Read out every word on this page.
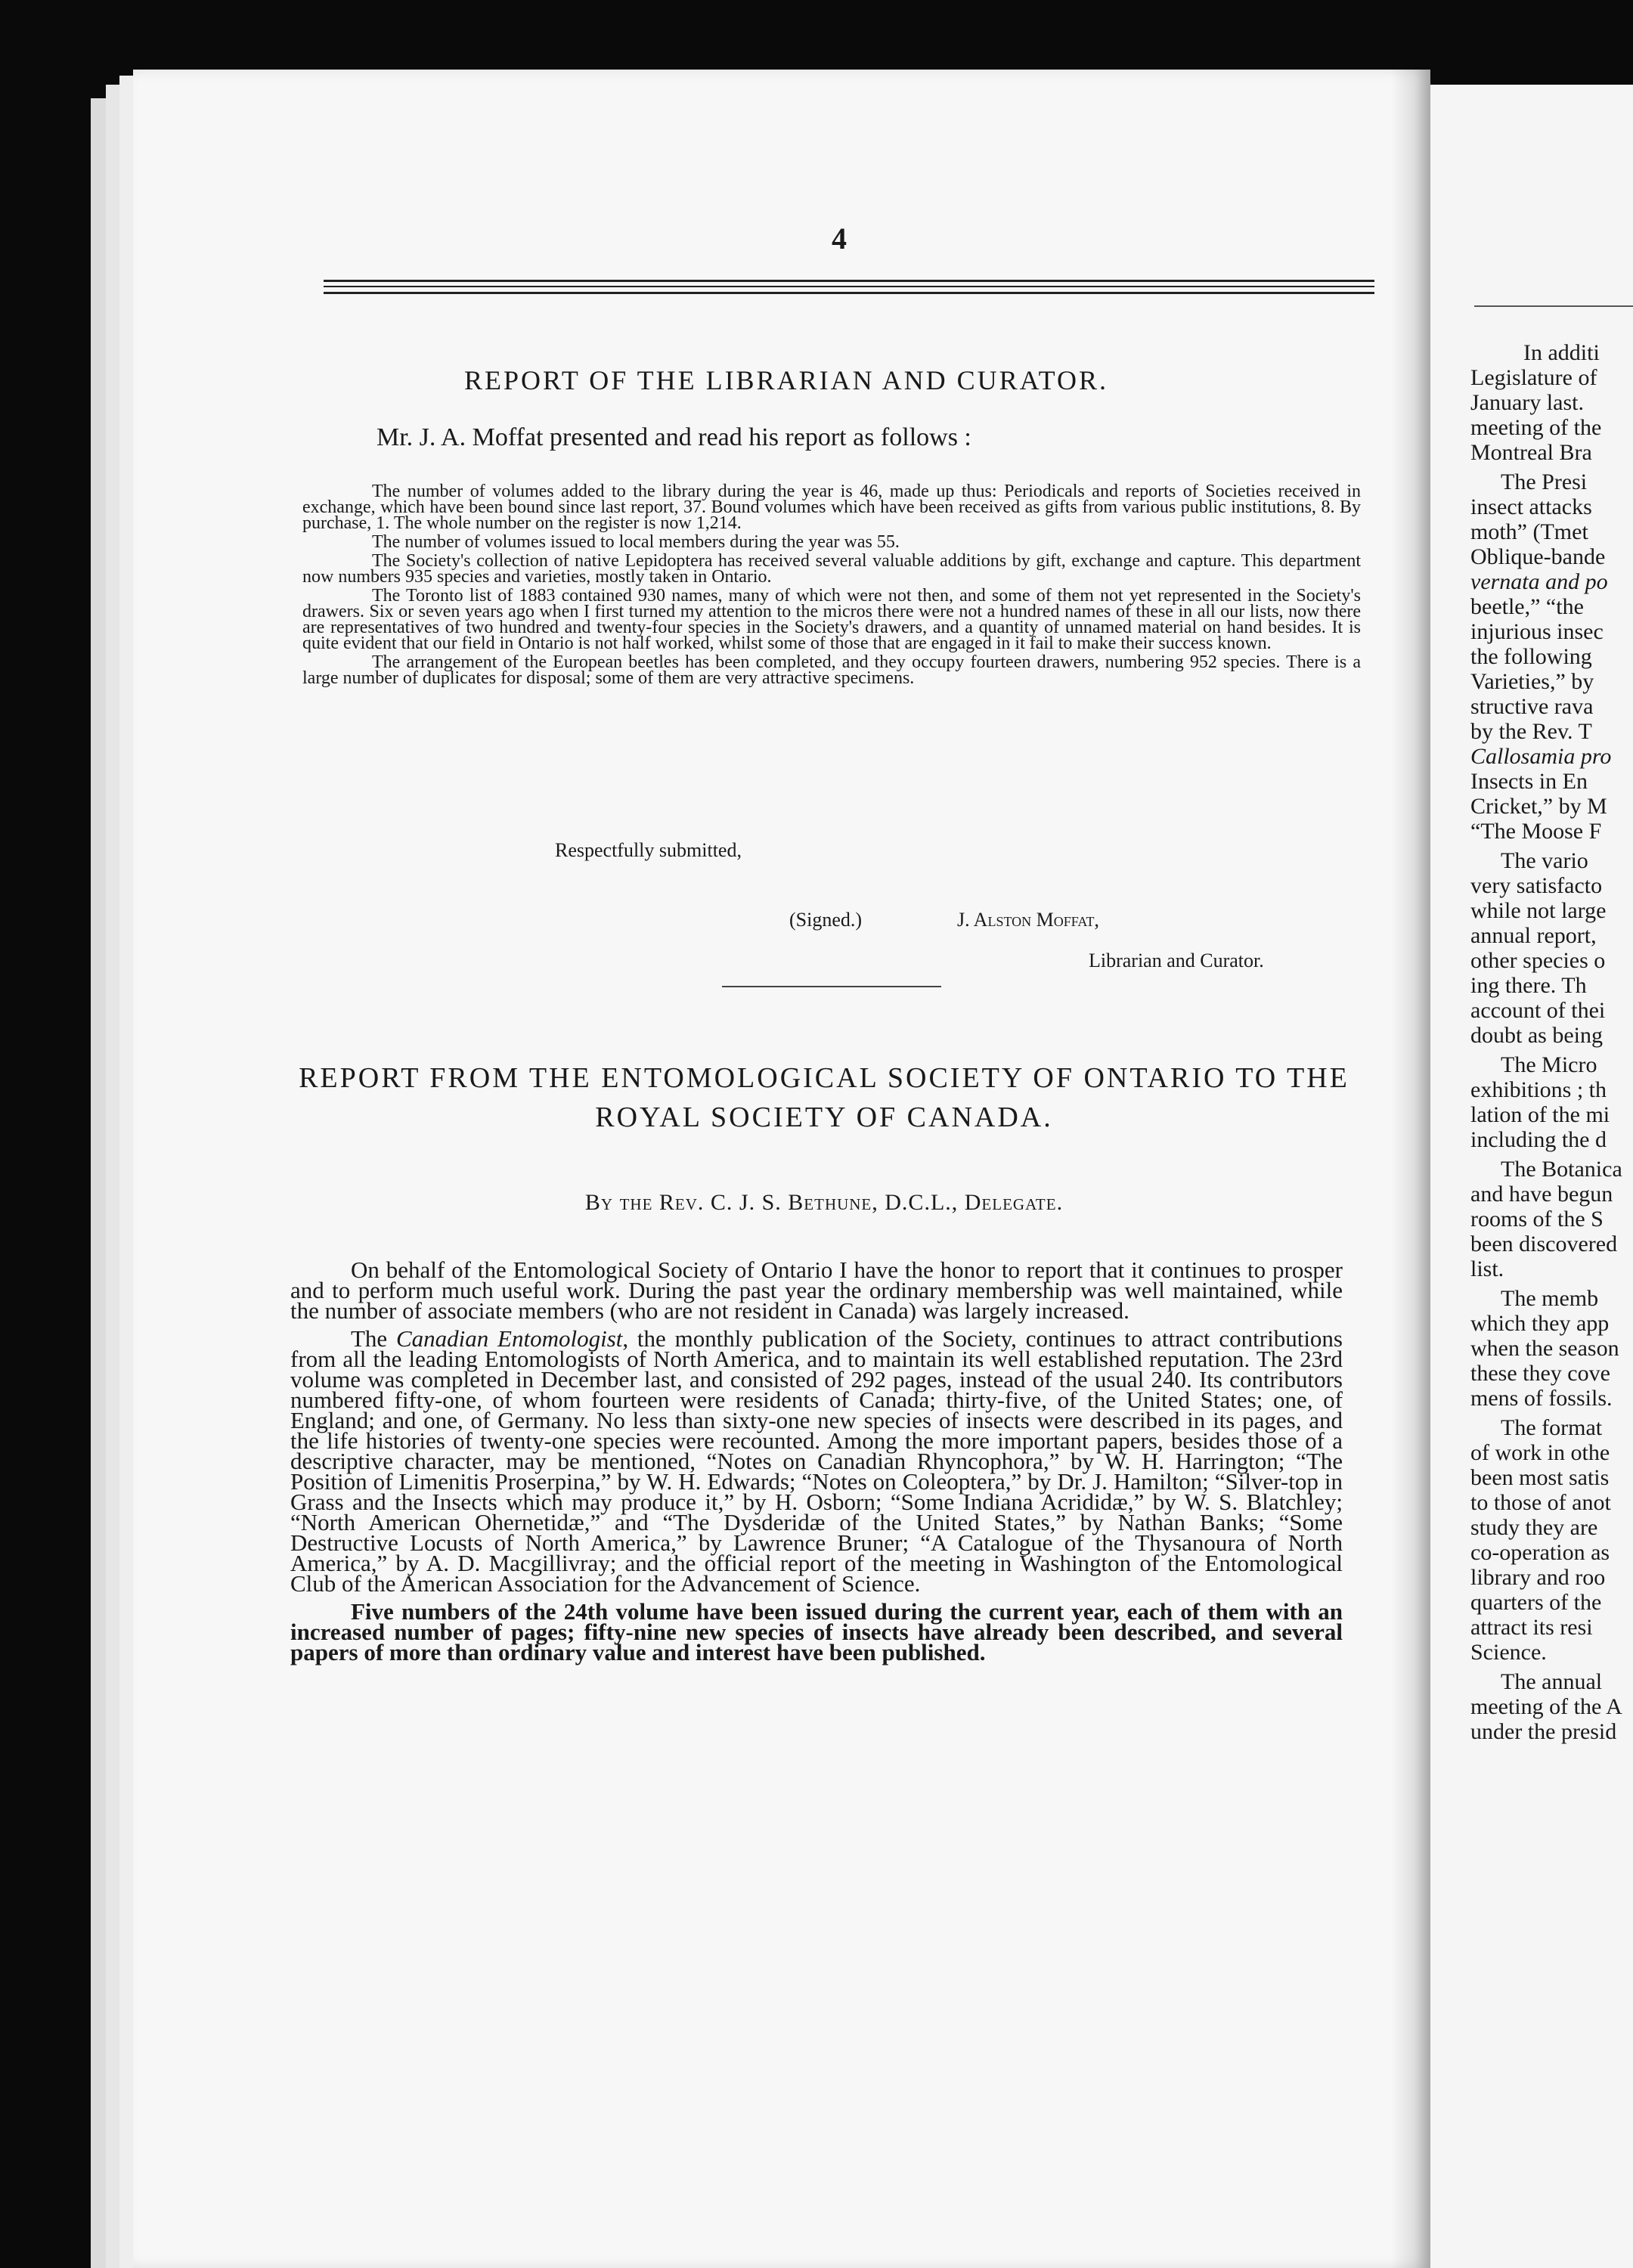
4
REPORT OF THE LIBRARIAN AND CURATOR.
Mr. J. A. Moffat presented and read his report as follows :

The number of volumes added to the library during the year is 46, made up thus: Periodicals and reports of Societies received in exchange, which have been bound since last report, 37. Bound volumes which have been received as gifts from various public institutions, 8. By purchase, 1. The whole number on the register is now 1,214.

The number of volumes issued to local members during the year was 55.

The Society's collection of native Lepidoptera has received several valuable additions by gift, exchange and capture. This department now numbers 935 species and varieties, mostly taken in Ontario.

The Toronto list of 1883 contained 930 names, many of which were not then, and some of them not yet represented in the Society's drawers. Six or seven years ago when I first turned my attention to the micros there were not a hundred names of these in all our lists, now there are representatives of two hundred and twenty-four species in the Society's drawers, and a quantity of unnamed material on hand besides. It is quite evident that our field in Ontario is not half worked, whilst some of those that are engaged in it fail to make their success known.

The arrangement of the European beetles has been completed, and they occupy fourteen drawers, numbering 952 species. There is a large number of duplicates for disposal; some of them are very attractive specimens.

Respectfully submitted,
(Signed.)	J. Alston Moffat,
Librarian and Curator.
REPORT FROM THE ENTOMOLOGICAL SOCIETY OF ONTARIO TO THE
ROYAL SOCIETY OF CANADA.
By the Rev. C. J. S. Bethune, D.C.L., Delegate.

On behalf of the Entomological Society of Ontario I have the honor to report that it continues to prosper and to perform much useful work. During the past year the ordinary membership was well maintained, while the number of associate members (who are not resident in Canada) was largely increased.

The Canadian Entomologist, the monthly publication of the Society, continues to attract contributions from all the leading Entomologists of North America, and to maintain its well established reputation. The 23rd volume was completed in December last, and consisted of 292 pages, instead of the usual 240. Its contributors numbered fifty-one, of whom fourteen were residents of Canada; thirty-five, of the United States; one, of England; and one, of Germany. No less than sixty-one new species of insects were described in its pages, and the life histories of twenty-one species were recounted. Among the more important papers, besides those of a descriptive character, may be mentioned, “Notes on Canadian Rhyncophora,” by W. H. Harrington; “The Position of Limenitis Proserpina,” by W. H. Edwards; “Notes on Coleoptera,” by Dr. J. Hamilton; “Silver-top in Grass and the Insects which may produce it,” by H. Osborn; “Some Indiana Acrididæ,” by W. S. Blatchley; “North American Ohernetidæ,” and “The Dysderidæ of the United States,” by Nathan Banks; “Some Destructive Locusts of North America,” by Lawrence Bruner; “A Catalogue of the Thysanoura of North America,” by A. D. Macgillivray; and the official report of the meeting in Washington of the Entomological Club of the American Association for the Advancement of Science.

Five numbers of the 24th volume have been issued during the current year, each of them with an increased number of pages; fifty-nine new species of insects have already been described, and several papers of more than ordinary value and interest have been published.

In additi
Legislature of
January last.
meeting of the
Montreal Bra
The Presi
insect attacks
moth” (Tmet
Oblique-bande
vernata and po
beetle,” “the
injurious insec
the following
Varieties,” by
structive rava
by the Rev. T
Callosamia pro
Insects in En
Cricket,” by M
“The Moose F
The vario
very satisfacto
while not large
annual report,
other species o
ing there. Th
account of thei
doubt as being
The Micro
exhibitions ; th
lation of the mi
including the d
The Botanica
and have begun
rooms of the S
been discovered
list.
The memb
which they app
when the season
these they cove
mens of fossils.
The format
of work in othe
been most satis
to those of anot
study they are
co-operation as
library and roo
quarters of the
attract its resi
Science.
The annual
meeting of the A
under the presid
